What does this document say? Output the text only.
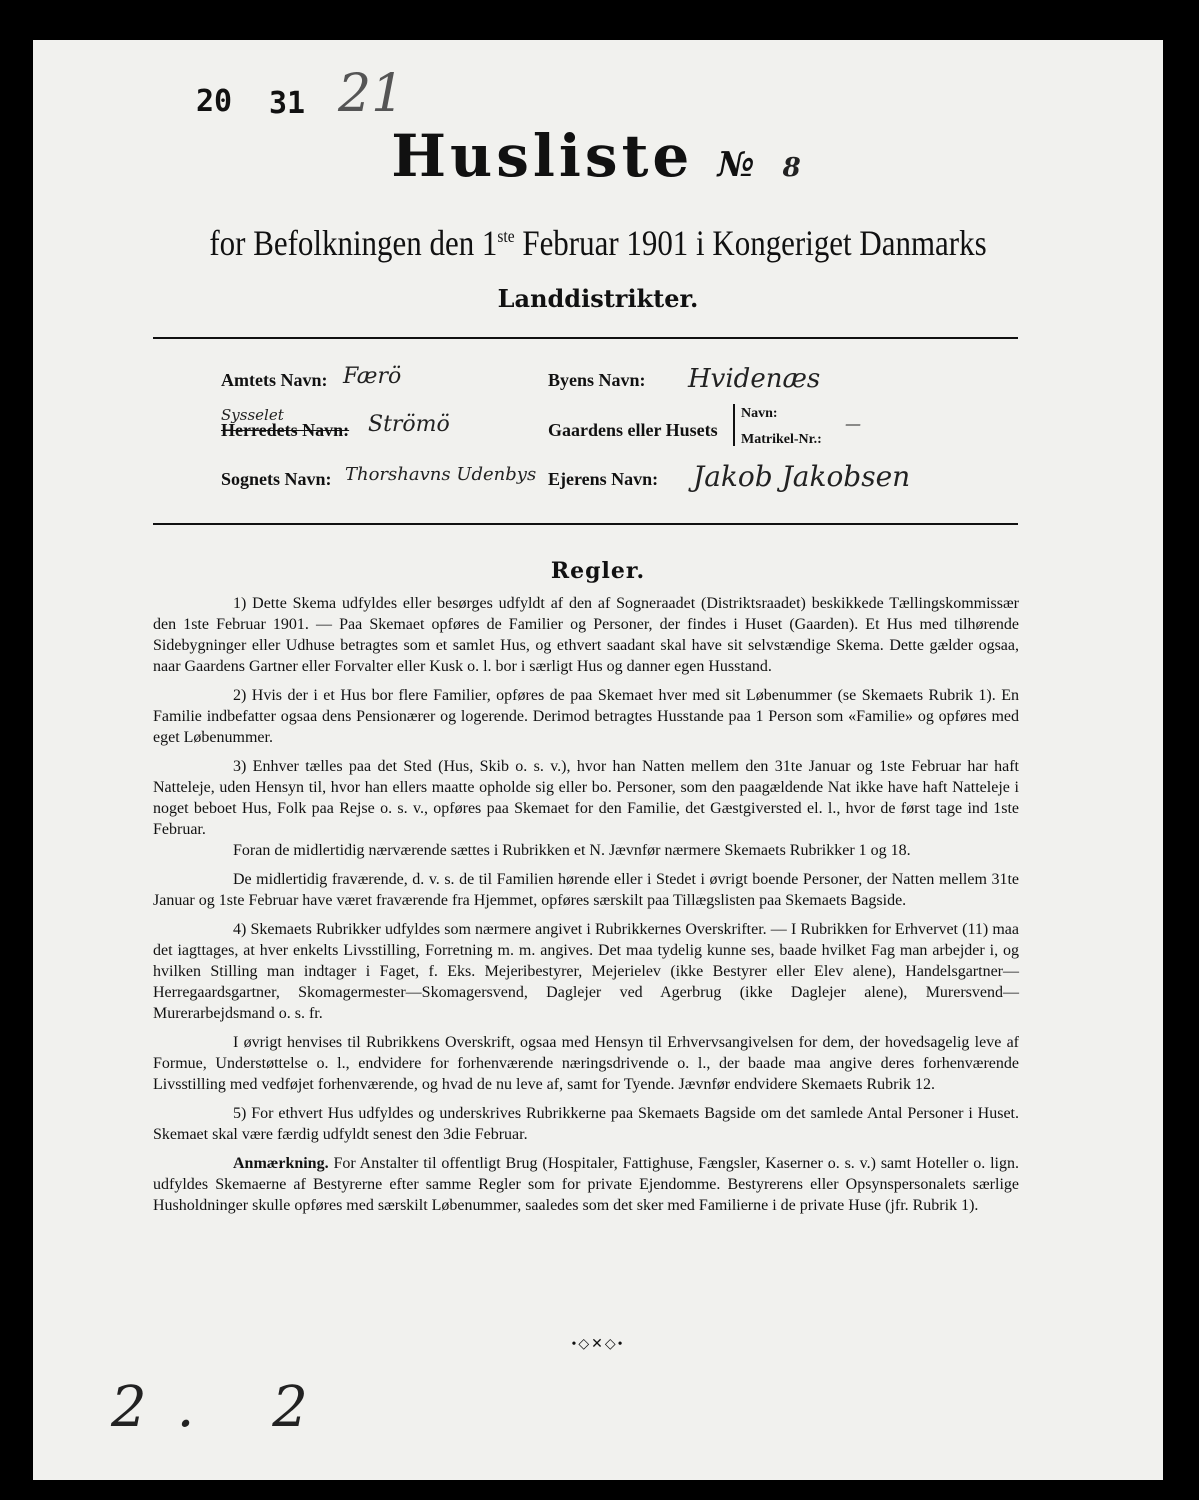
20 31 21
Husliste № 8
for Befolkningen den 1ste Februar 1901 i Kongeriget Danmarks
Landdistrikter.
Amtets Navn: Færö	Byens Navn: Hvidenæs
Sysselet
Herredets Navn: Strömö	Gaardens eller Husets
Navn:
Matrikel-Nr.:
—
Sognets Navn: Thorshavns Udenbys Ejerens Navn: Jakob Jakobsen
Regler.

1) Dette Skema udfyldes eller besørges udfyldt af den af Sogneraadet (Distriktsraadet) beskikkede Tællingskommissær den 1ste Februar 1901. — Paa Skemaet opføres de Familier og Personer, der findes i Huset (Gaarden). Et Hus med tilhørende Sidebygninger eller Udhuse betragtes som et samlet Hus, og ethvert saadant skal have sit selvstændige Skema. Dette gælder ogsaa, naar Gaardens Gartner eller Forvalter eller Kusk o. l. bor i særligt Hus og danner egen Husstand.

2) Hvis der i et Hus bor flere Familier, opføres de paa Skemaet hver med sit Løbenummer (se Skemaets Rubrik 1). En Familie indbefatter ogsaa dens Pensionærer og logerende. Derimod betragtes Husstande paa 1 Person som «Familie» og opføres med eget Løbenummer.

3) Enhver tælles paa det Sted (Hus, Skib o. s. v.), hvor han Natten mellem den 31te Januar og 1ste Februar har haft Natteleje, uden Hensyn til, hvor han ellers maatte opholde sig eller bo. Personer, som den paagældende Nat ikke have haft Natteleje i noget beboet Hus, Folk paa Rejse o. s. v., opføres paa Skemaet for den Familie, det Gæstgiversted el. l., hvor de først tage ind 1ste Februar.

Foran de midlertidig nærværende sættes i Rubrikken et N. Jævnfør nærmere Skemaets Rubrikker 1 og 18.

De midlertidig fraværende, d. v. s. de til Familien hørende eller i Stedet i øvrigt boende Personer, der Natten mellem 31te Januar og 1ste Februar have været fraværende fra Hjemmet, opføres særskilt paa Tillægslisten paa Skemaets Bagside.

4) Skemaets Rubrikker udfyldes som nærmere angivet i Rubrikkernes Overskrifter. — I Rubrikken for Erhvervet (11) maa det iagttages, at hver enkelts Livsstilling, Forretning m. m. angives. Det maa tydelig kunne ses, baade hvilket Fag man arbejder i, og hvilken Stilling man indtager i Faget, f. Eks. Mejeribestyrer, Mejerielev (ikke Bestyrer eller Elev alene), Handelsgartner—Herregaardsgartner, Skomagermester—Skomagersvend, Daglejer ved Agerbrug (ikke Daglejer alene), Murersvend—Murerarbejdsmand o. s. fr.

I øvrigt henvises til Rubrikkens Overskrift, ogsaa med Hensyn til Erhvervsangivelsen for dem, der hovedsagelig leve af Formue, Understøttelse o. l., endvidere for forhenværende næringsdrivende o. l., der baade maa angive deres forhenværende Livsstilling med vedføjet forhenværende, og hvad de nu leve af, samt for Tyende. Jævnfør endvidere Skemaets Rubrik 12.

5) For ethvert Hus udfyldes og underskrives Rubrikkerne paa Skemaets Bagside om det samlede Antal Personer i Huset. Skemaet skal være færdig udfyldt senest den 3die Februar.

Anmærkning. For Anstalter til offentligt Brug (Hospitaler, Fattighuse, Fængsler, Kaserner o. s. v.) samt Hoteller o. lign. udfyldes Skemaerne af Bestyrerne efter samme Regler som for private Ejendomme. Bestyrerens eller Opsynspersonalets særlige Husholdninger skulle opføres med særskilt Løbenummer, saaledes som det sker med Familierne i de private Huse (jfr. Rubrik 1).

•◇✕◇•
2. 2
